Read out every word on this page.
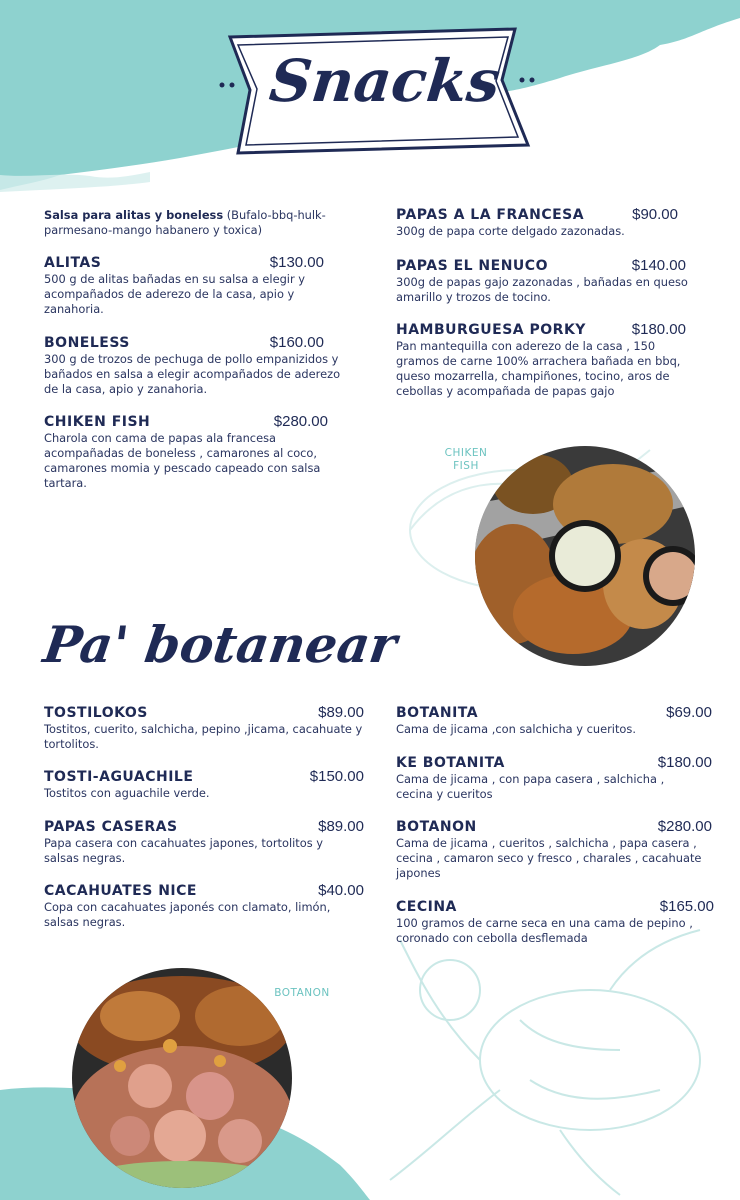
Snacks
Salsa para alitas y boneless (Bufalo-bbq-hulk-parmesano-mango habanero y toxica)
ALITAS	$130.00
500 g de alitas bañadas en su salsa a elegir y acompañados de aderezo de la casa, apio y zanahoria.
BONELESS	$160.00
300 g de trozos de pechuga de pollo empanizidos y bañados en salsa a elegir acompañados de aderezo de la casa, apio y zanahoria.
CHIKEN FISH	$280.00
Charola con cama de papas ala francesa acompañadas de boneless , camarones al coco, camarones momia y pescado capeado con salsa tartara.
PAPAS A LA FRANCESA	$90.00
300g de papa corte delgado zazonadas.
PAPAS EL NENUCO	$140.00
300g de papas gajo zazonadas , bañadas en queso amarillo y trozos de tocino.
HAMBURGUESA PORKY	$180.00
Pan mantequilla con aderezo de la casa , 150 gramos de carne 100% arrachera bañada en bbq, queso mozarrella, champiñones, tocino, aros de cebollas y acompañada de papas gajo
CHIKEN
FISH
Pa' botanear
TOSTILOKOS	$89.00
Tostitos, cuerito, salchicha, pepino ,jicama, cacahuate y tortolitos.
TOSTI-AGUACHILE	$150.00
Tostitos con aguachile verde.
PAPAS CASERAS	$89.00
Papa casera con cacahuates japones, tortolitos y salsas negras.
CACAHUATES NICE	$40.00
Copa con cacahuates japonés con clamato, limón, salsas negras.
BOTANITA	$69.00
Cama de jicama ,con salchicha y cueritos.
KE BOTANITA	$180.00
Cama de jicama , con papa casera , salchicha , cecina y cueritos
BOTANON	$280.00
Cama de jicama , cueritos , salchicha , papa casera , cecina , camaron seco y fresco , charales , cacahuate japones
CECINA	$165.00
100 gramos de carne seca en una cama de pepino , coronado con cebolla desflemada
BOTANON
